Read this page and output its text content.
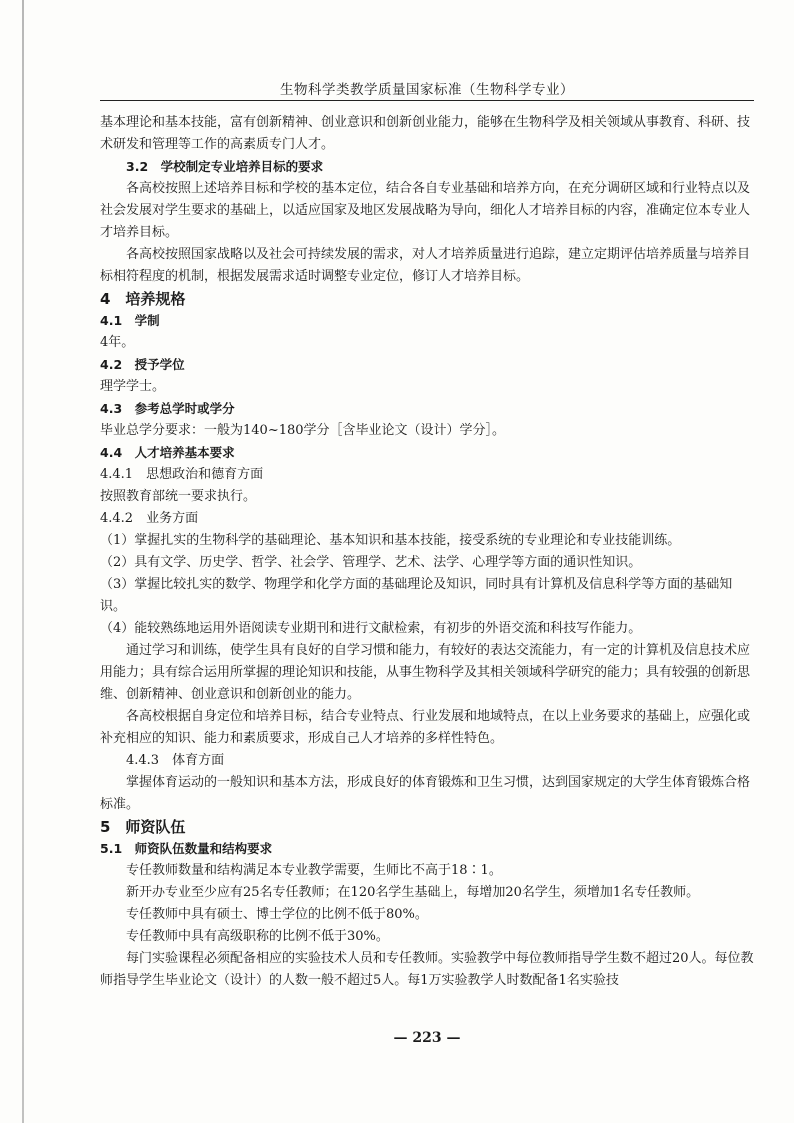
生物科学类教学质量国家标准（生物科学专业）

基本理论和基本技能，富有创新精神、创业意识和创新创业能力，能够在生物科学及相关领域从事教育、科研、技术研发和管理等工作的高素质专门人才。

3.2　学校制定专业培养目标的要求

各高校按照上述培养目标和学校的基本定位，结合各自专业基础和培养方向，在充分调研区域和行业特点以及社会发展对学生要求的基础上，以适应国家及地区发展战略为导向，细化人才培养目标的内容，准确定位本专业人才培养目标。

各高校按照国家战略以及社会可持续发展的需求，对人才培养质量进行追踪，建立定期评估培养质量与培养目标相符程度的机制，根据发展需求适时调整专业定位，修订人才培养目标。

4　培养规格

4.1　学制

4年。

4.2　授予学位

理学学士。

4.3　参考总学时或学分

毕业总学分要求：一般为140~180学分［含毕业论文（设计）学分］。

4.4　人才培养基本要求

4.4.1　思想政治和德育方面

按照教育部统一要求执行。

4.4.2　业务方面

（1）掌握扎实的生物科学的基础理论、基本知识和基本技能，接受系统的专业理论和专业技能训练。

（2）具有文学、历史学、哲学、社会学、管理学、艺术、法学、心理学等方面的通识性知识。

（3）掌握比较扎实的数学、物理学和化学方面的基础理论及知识，同时具有计算机及信息科学等方面的基础知识。

（4）能较熟练地运用外语阅读专业期刊和进行文献检索，有初步的外语交流和科技写作能力。

通过学习和训练，使学生具有良好的自学习惯和能力，有较好的表达交流能力，有一定的计算机及信息技术应用能力；具有综合运用所掌握的理论知识和技能，从事生物科学及其相关领域科学研究的能力；具有较强的创新思维、创新精神、创业意识和创新创业的能力。

各高校根据自身定位和培养目标，结合专业特点、行业发展和地域特点，在以上业务要求的基础上，应强化或补充相应的知识、能力和素质要求，形成自己人才培养的多样性特色。

4.4.3　体育方面

掌握体育运动的一般知识和基本方法，形成良好的体育锻炼和卫生习惯，达到国家规定的大学生体育锻炼合格标准。

5　师资队伍

5.1　师资队伍数量和结构要求

专任教师数量和结构满足本专业教学需要，生师比不高于18∶1。

新开办专业至少应有25名专任教师；在120名学生基础上，每增加20名学生，须增加1名专任教师。

专任教师中具有硕士、博士学位的比例不低于80%。

专任教师中具有高级职称的比例不低于30%。

每门实验课程必须配备相应的实验技术人员和专任教师。实验教学中每位教师指导学生数不超过20人。每位教师指导学生毕业论文（设计）的人数一般不超过5人。每1万实验教学人时数配备1名实验技

— 223 —
